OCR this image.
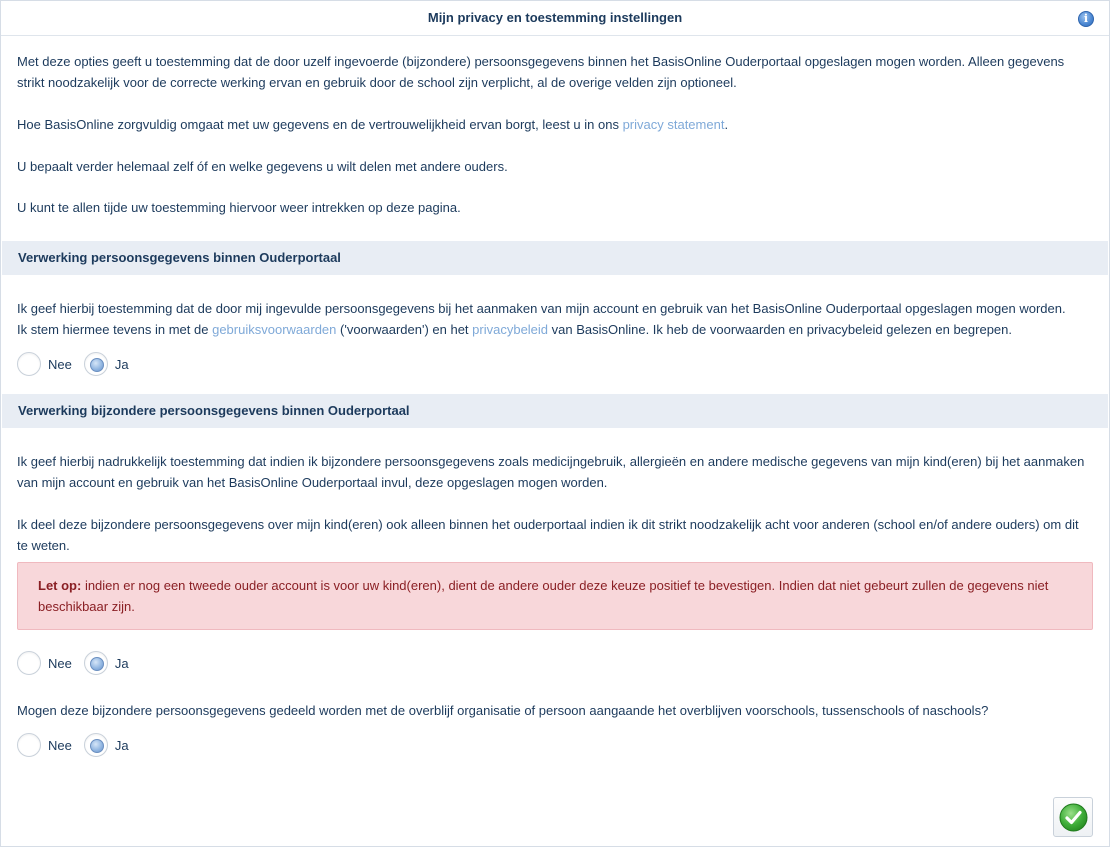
Mijn privacy en toestemming instellingen	i
Met deze opties geeft u toestemming dat de door uzelf ingevoerde (bijzondere) persoonsgegevens binnen het BasisOnline Ouderportaal opgeslagen mogen worden. Alleen gegevens strikt noodzakelijk voor de correcte werking ervan en gebruik door de school zijn verplicht, al de overige velden zijn optioneel.
Hoe BasisOnline zorgvuldig omgaat met uw gegevens en de vertrouwelijkheid ervan borgt, leest u in ons privacy statement.
U bepaalt verder helemaal zelf óf en welke gegevens u wilt delen met andere ouders.
U kunt te allen tijde uw toestemming hiervoor weer intrekken op deze pagina.
Verwerking persoonsgegevens binnen Ouderportaal
Ik geef hierbij toestemming dat de door mij ingevulde persoonsgegevens bij het aanmaken van mijn account en gebruik van het BasisOnline Ouderportaal opgeslagen mogen worden.
Ik stem hiermee tevens in met de gebruiksvoorwaarden ('voorwaarden') en het privacybeleid van BasisOnline. Ik heb de voorwaarden en privacybeleid gelezen en begrepen.
Nee	Ja
Verwerking bijzondere persoonsgegevens binnen Ouderportaal
Ik geef hierbij nadrukkelijk toestemming dat indien ik bijzondere persoonsgegevens zoals medicijngebruik, allergieën en andere medische gegevens van mijn kind(eren) bij het aanmaken van mijn account en gebruik van het BasisOnline Ouderportaal invul, deze opgeslagen mogen worden.
Ik deel deze bijzondere persoonsgegevens over mijn kind(eren) ook alleen binnen het ouderportaal indien ik dit strikt noodzakelijk acht voor anderen (school en/of andere ouders) om dit te weten.
Let op: indien er nog een tweede ouder account is voor uw kind(eren), dient de andere ouder deze keuze positief te bevestigen. Indien dat niet gebeurt zullen de gegevens niet beschikbaar zijn.
Nee	Ja
Mogen deze bijzondere persoonsgegevens gedeeld worden met de overblijf organisatie of persoon aangaande het overblijven voorschools, tussenschools of naschools?
Nee	Ja
